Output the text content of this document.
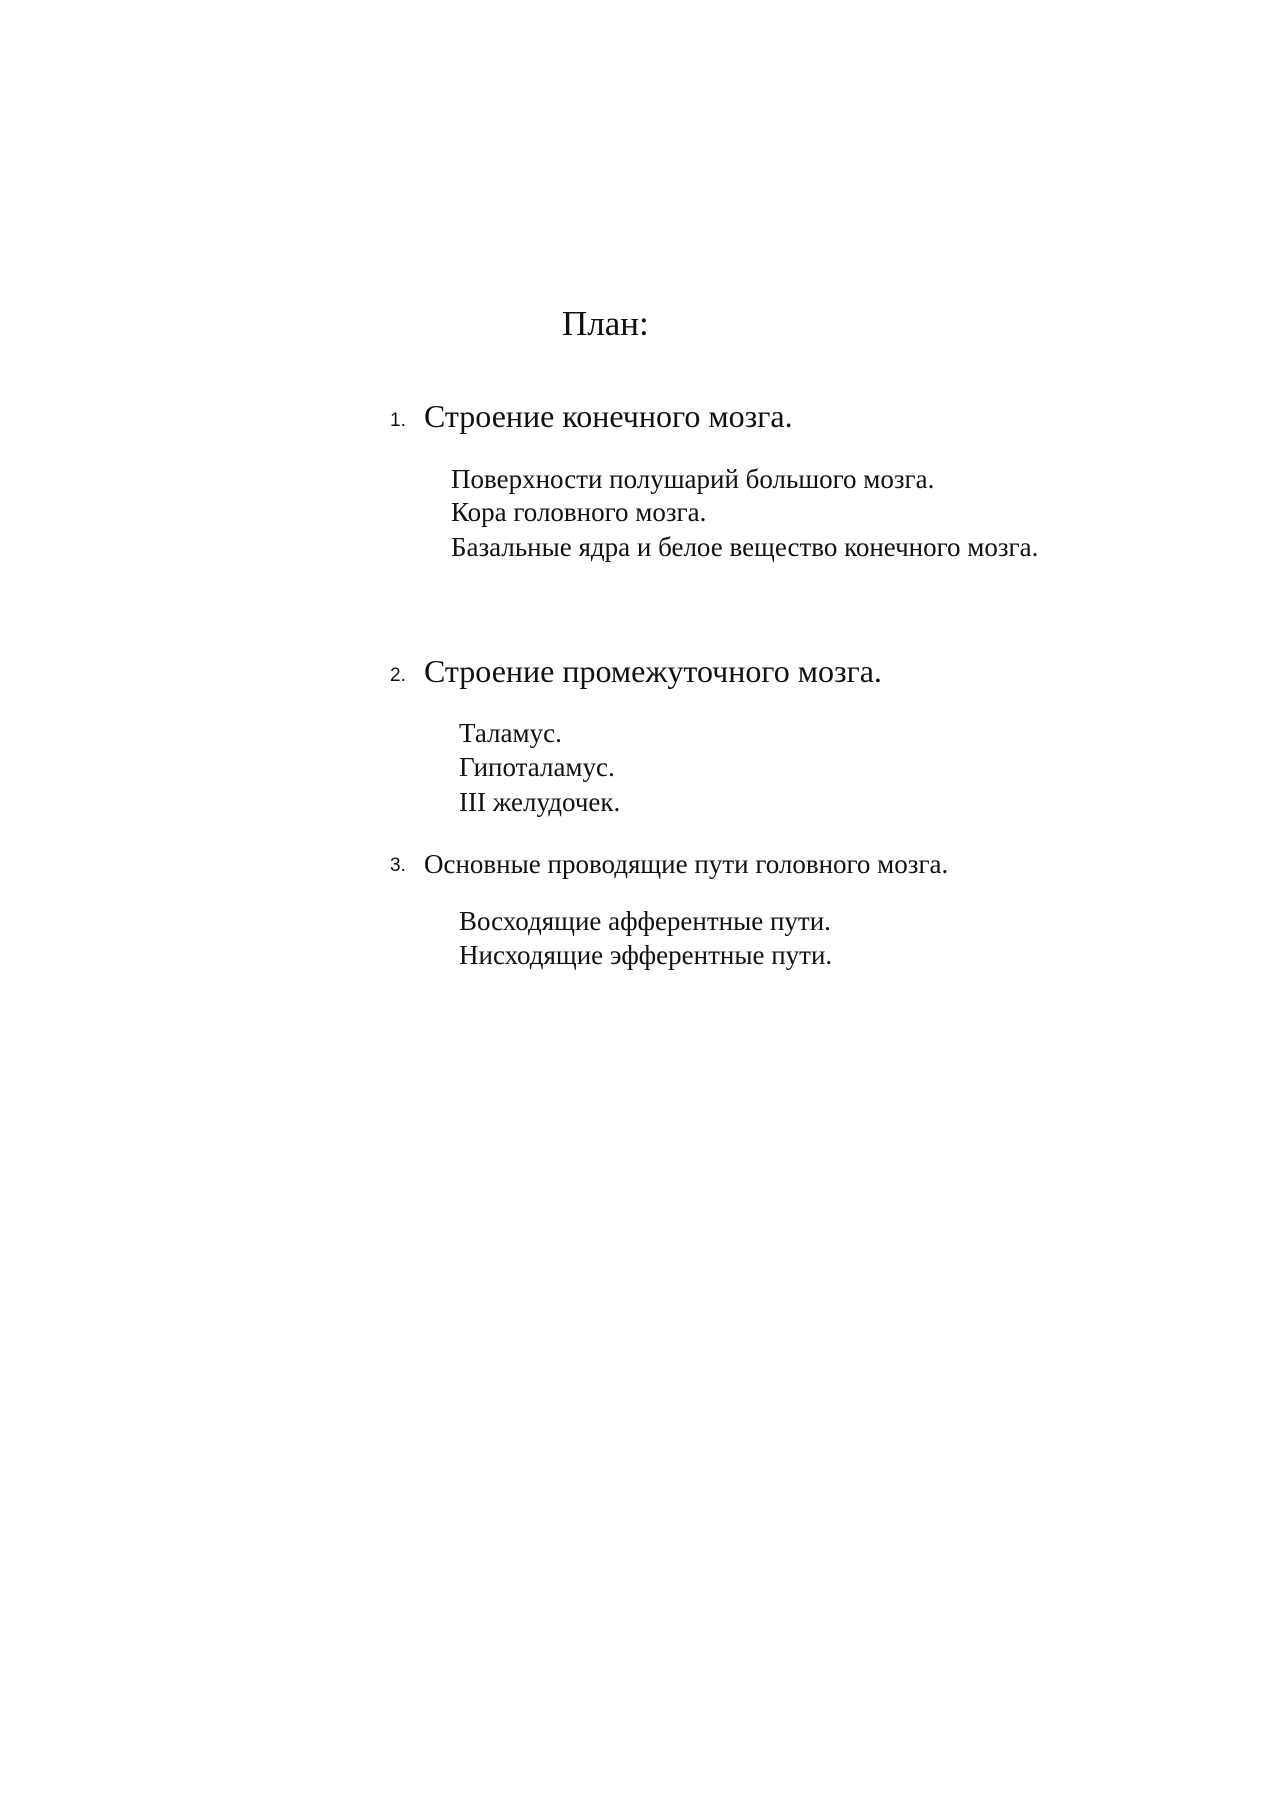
План:
1. Строение конечного мозга.
Поверхности полушарий большого мозга.
Кора головного мозга.
Базальные ядра и белое вещество конечного мозга.
2. Строение промежуточного мозга.
Таламус.
Гипоталамус.
III желудочек.
3. Основные проводящие пути головного мозга.
Восходящие афферентные пути.
Нисходящие эфферентные пути.
